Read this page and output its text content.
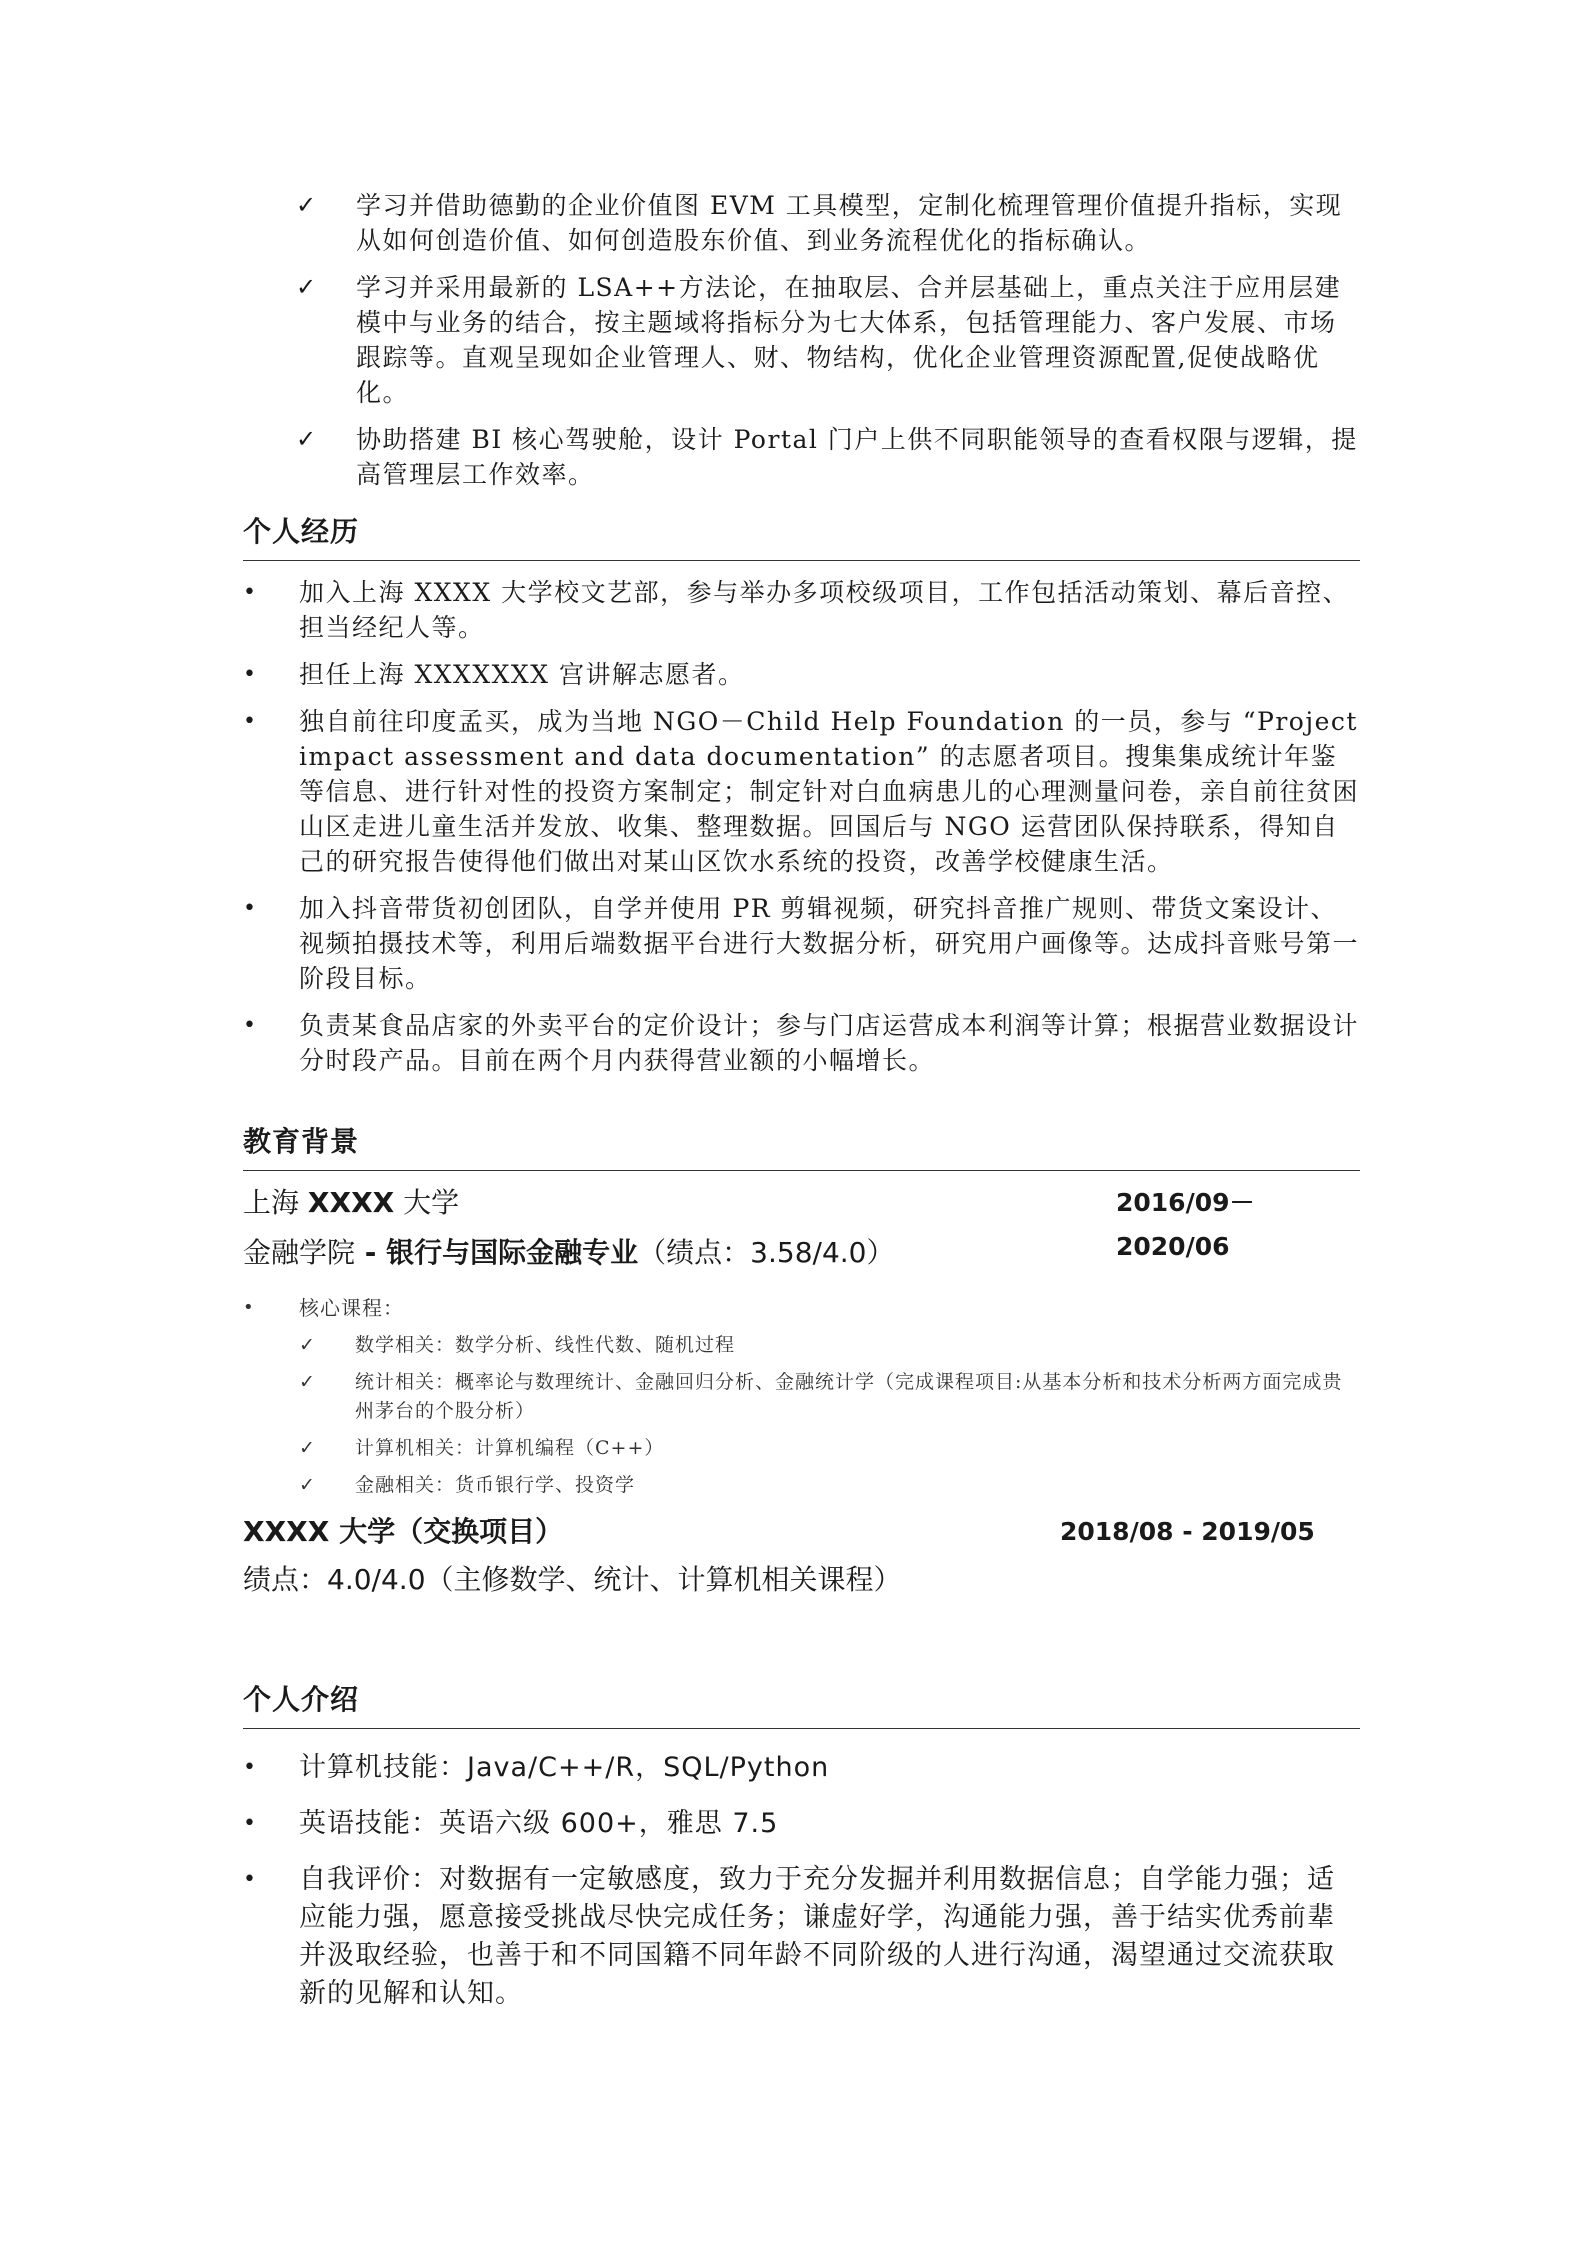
✓ 学习并借助德勤的企业价值图 EVM 工具模型，定制化梳理管理价值提升指标，实现从如何创造价值、如何创造股东价值、到业务流程优化的指标确认。
✓ 学习并采用最新的 LSA++方法论，在抽取层、合并层基础上，重点关注于应用层建模中与业务的结合，按主题域将指标分为七大体系，包括管理能力、客户发展、市场跟踪等。直观呈现如企业管理人、财、物结构，优化企业管理资源配置,促使战略优化。
✓ 协助搭建 BI 核心驾驶舱，设计 Portal 门户上供不同职能领导的查看权限与逻辑，提高管理层工作效率。
个人经历
• 加入上海 XXXX 大学校文艺部，参与举办多项校级项目，工作包括活动策划、幕后音控、担当经纪人等。
• 担任上海 XXXXXXX 宫讲解志愿者。
• 独自前往印度孟买，成为当地 NGO－Child Help Foundation 的一员，参与 “Project impact assessment and data documentation” 的志愿者项目。搜集集成统计年鉴等信息、进行针对性的投资方案制定；制定针对白血病患儿的心理测量问卷，亲自前往贫困山区走进儿童生活并发放、收集、整理数据。回国后与 NGO 运营团队保持联系，得知自己的研究报告使得他们做出对某山区饮水系统的投资，改善学校健康生活。
• 加入抖音带货初创团队，自学并使用 PR 剪辑视频，研究抖音推广规则、带货文案设计、视频拍摄技术等，利用后端数据平台进行大数据分析，研究用户画像等。达成抖音账号第一阶段目标。
• 负责某食品店家的外卖平台的定价设计；参与门店运营成本利润等计算；根据营业数据设计分时段产品。目前在两个月内获得营业额的小幅增长。
教育背景
上海 XXXX 大学	2016/09－2020/06
金融学院 - 银行与国际金融专业（绩点：3.58/4.0）
• 核心课程：
✓ 数学相关：数学分析、线性代数、随机过程
✓ 统计相关：概率论与数理统计、金融回归分析、金融统计学（完成课程项目:从基本分析和技术分析两方面完成贵州茅台的个股分析）
✓ 计算机相关：计算机编程（C++）
✓ 金融相关：货币银行学、投资学
XXXX 大学（交换项目）	2018/08 - 2019/05
绩点：4.0/4.0（主修数学、统计、计算机相关课程）
个人介绍
• 计算机技能：Java/C++/R，SQL/Python
• 英语技能：英语六级 600+，雅思 7.5
• 自我评价：对数据有一定敏感度，致力于充分发掘并利用数据信息；自学能力强；适应能力强，愿意接受挑战尽快完成任务；谦虚好学，沟通能力强，善于结实优秀前辈并汲取经验，也善于和不同国籍不同年龄不同阶级的人进行沟通，渴望通过交流获取新的见解和认知。
